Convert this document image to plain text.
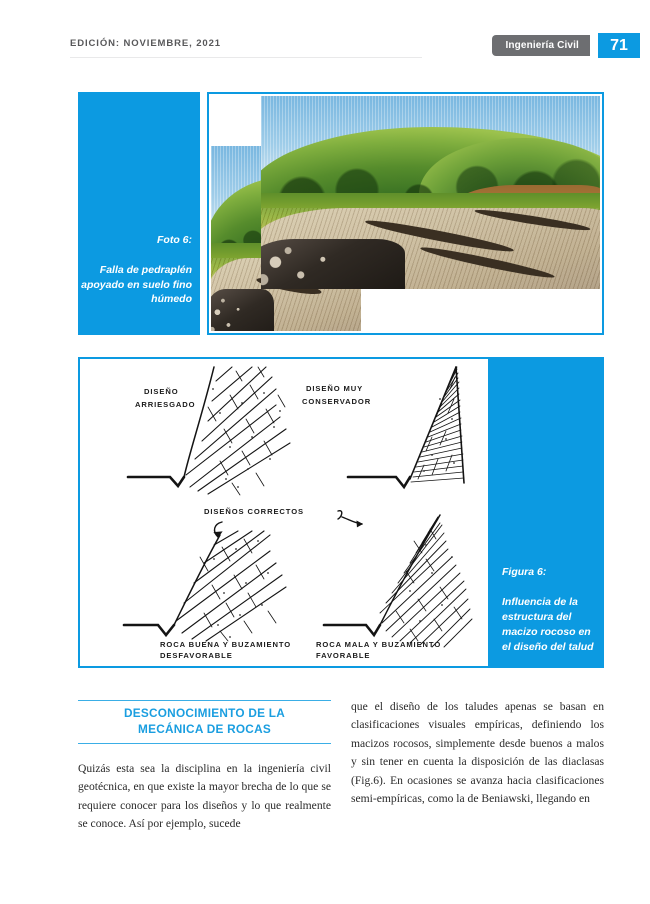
EDICIÓN: NOVIEMBRE, 2021	Ingeniería Civil 71
Foto 6:
Falla de pedraplén apoyado en suelo fino húmedo
DISEÑO
ARRIESGADO
DISEÑO MUY
CONSERVADOR
DISEÑOS CORRECTOS
ROCA BUENA Y BUZAMIENTO
DESFAVORABLE
ROCA MALA Y BUZAMIENTO
FAVORABLE
Figura 6:
Influencia de la estructura del macizo rocoso en el diseño del talud
DESCONOCIMIENTO DE LA
MECÁNICA DE ROCAS

Quizás esta sea la disciplina en la ingeniería civil geotécnica, en que existe la mayor brecha de lo que se requiere conocer para los diseños y lo que realmente se conoce. Así por ejemplo, sucede

que el diseño de los taludes apenas se basan en clasificaciones visuales empíricas, definiendo los macizos rocosos, simplemente desde buenos a malos y sin tener en cuenta la disposición de las diaclasas (Fig.6). En ocasiones se avanza hacia clasificaciones semi-empíricas, como la de Beniawski, llegando en
